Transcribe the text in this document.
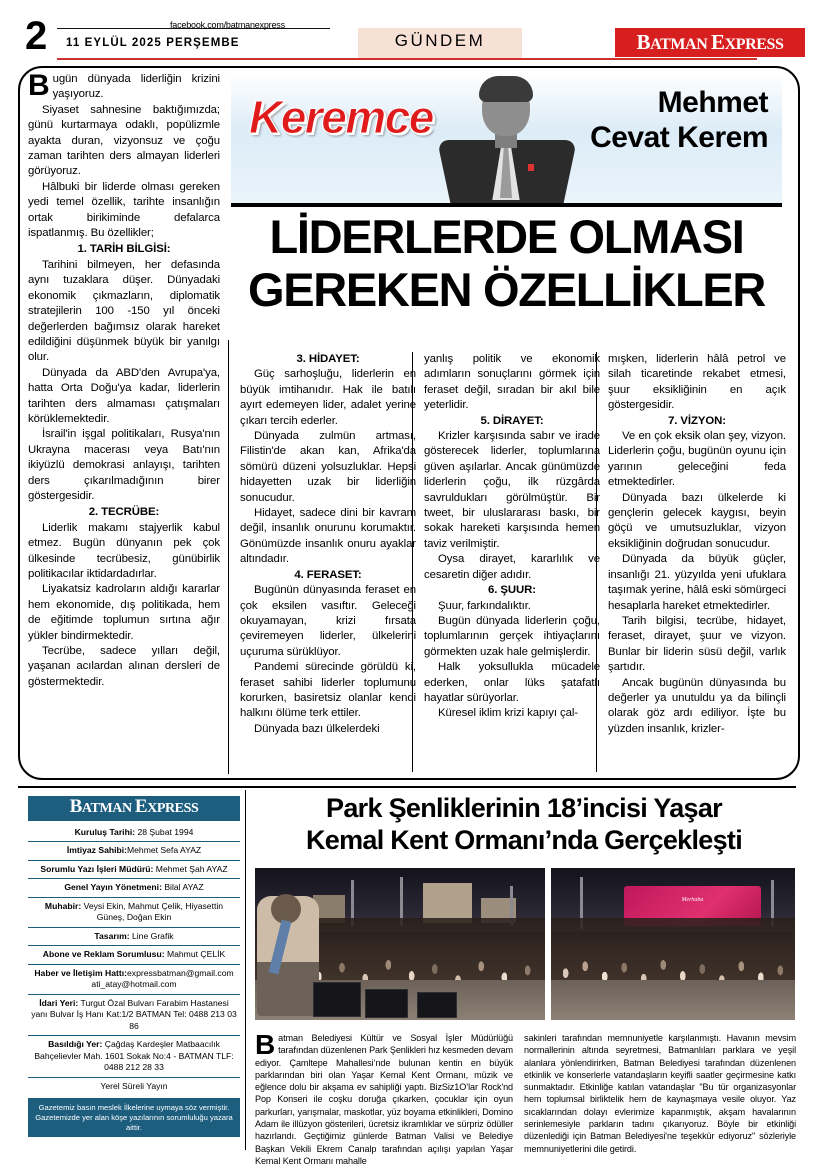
2	facebook.com/batmanexpress
11 EYLÜL 2025 PERŞEMBE	GÜNDEM	BATMAN EXPRESS
Keremce	Mehmet
Cevat Kerem
LİDERLERDE OLMASI
GEREKEN ÖZELLİKLER

Bugün dünyada liderliğin krizini yaşıyoruz.

Siyaset sahnesine baktığımızda; günü kurtarmaya odaklı, popülizmle ayakta duran, vizyonsuz ve çoğu zaman tarihten ders almayan liderleri görüyoruz.

Hâlbuki bir liderde olması gereken yedi temel özellik, tarihte insanlığın ortak birikiminde defalarca ispatlanmış. Bu özellikler;

1. TARİH BİLGİSİ:

Tarihini bilmeyen, her defasında aynı tuzaklara düşer. Dünyadaki ekonomik çıkmazların, diplomatik stratejilerin 100 -150 yıl önceki değerlerden bağımsız olarak hareket edildiğini düşünmek büyük bir yanılgı olur.

Dünyada da ABD'den Avrupa'ya, hatta Orta Doğu'ya kadar, liderlerin tarihten ders almaması çatışmaları körüklemektedir.

İsrail'in işgal politikaları, Rusya'nın Ukrayna macerası veya Batı'nın ikiyüzlü demokrasi anlayışı, tarihten ders çıkarılmadığının birer göstergesidir.

2. TECRÜBE:

Liderlik makamı stajyerlik kabul etmez. Bugün dünyanın pek çok ülkesinde tecrübesiz, günübirlik politikacılar iktidardadırlar.

Liyakatsiz kadroların aldığı kararlar hem ekonomide, dış politikada, hem de eğitimde toplumun sırtına ağır yükler bindirmektedir.

Tecrübe, sadece yılları değil, yaşanan acılardan alınan dersleri de göstermektedir.

3. HİDAYET:

Güç sarhoşluğu, liderlerin en büyük imtihanıdır. Hak ile batılı ayırt edemeyen lider, adalet yerine çıkarı tercih ederler.

Dünyada zulmün artması, Filistin'de akan kan, Afrika'da sömürü düzeni yolsuzluklar. Hepsi hidayetten uzak bir liderliğin sonucudur.

Hidayet, sadece dini bir kavram değil, insanlık onurunu korumaktır. Gönümüzde insanlık onuru ayaklar altındadır.

4. FERASET:

Bugünün dünyasında feraset en çok eksilen vasıftır. Geleceği okuyamayan, krizi fırsata çeviremeyen liderler, ülkelerini uçuruma sürüklüyor.

Pandemi sürecinde görüldü ki, feraset sahibi liderler toplumunu korurken, basiretsiz olanlar kendi halkını ölüme terk ettiler.

Dünyada bazı ülkelerdeki

yanlış politik ve ekonomik adımların sonuçlarını görmek için feraset değil, sıradan bir akıl bile yeterlidir.

5. DİRAYET:

Krizler karşısında sabır ve irade gösterecek liderler, toplumlarına güven aşılarlar. Ancak günümüzde liderlerin çoğu, ilk rüzgârda savruldukları görülmüştür. Bir tweet, bir uluslararası baskı, bir sokak hareketi karşısında hemen taviz verilmiştir.

Oysa dirayet, kararlılık ve cesaretin diğer adıdır.

6. ŞUUR:

Şuur, farkındalıktır.

Bugün dünyada liderlerin çoğu, toplumlarının gerçek ihtiyaçlarını görmekten uzak hale gelmişlerdir.

Halk yoksullukla mücadele ederken, onlar lüks şatafatlı hayatlar sürüyorlar.

Küresel iklim krizi kapıyı çal-

mışken, liderlerin hâlâ petrol ve silah ticaretinde rekabet etmesi, şuur eksikliğinin en açık göstergesidir.

7. VİZYON:

Ve en çok eksik olan şey, vizyon. Liderlerin çoğu, bugünün oyunu için yarının geleceğini feda etmektedirler.

Dünyada bazı ülkelerde ki gençlerin gelecek kaygısı, beyin göçü ve umutsuzluklar, vizyon eksikliğinin doğrudan sonucudur.

Dünyada da büyük güçler, insanlığı 21. yüzyılda yeni ufuklara taşımak yerine, hâlâ eski sömürgeci hesaplarla hareket etmektedirler.

Tarih bilgisi, tecrübe, hidayet, feraset, dirayet, şuur ve vizyon. Bunlar bir liderin süsü değil, varlık şartıdır.

Ancak bugünün dünyasında bu değerler ya unutuldu ya da bilinçli olarak göz ardı ediliyor. İşte bu yüzden insanlık, krizler-

BATMAN EXPRESS
Kuruluş Tarihi: 28 Şubat 1994
İmtiyaz Sahibi:Mehmet Sefa AYAZ
Sorumlu Yazı İşleri Müdürü: Mehmet Şah AYAZ
Genel Yayın Yönetmeni: Bilal AYAZ
Muhabir: Veysi Ekin, Mahmut Çelik, Hiyasettin Güneş, Doğan Ekin
Tasarım: Line Grafik
Abone ve Reklam Sorumlusu: Mahmut ÇELİK
Haber ve İletişim Hattı:expressbatman@gmail.com ati_atay@hotmail.com
İdari Yeri: Turgut Özal Bulvarı Farabim Hastanesi yanı Bulvar İş Hanı Kat:1/2 BATMAN Tel: 0488 213 03 86
Basıldığı Yer: Çağdaş Kardeşler Matbaacılık Bahçelievler Mah. 1601 Sokak No:4 - BATMAN TLF: 0488 212 28 33
Yerel Süreli Yayın
Gazetemiz basın meslek İlkelerine uymaya söz vermiştir. Gazetemizde yer alan köşe yazılarının sorumluluğu yazara aittir.
Park Şenliklerinin 18’incisi Yaşar
Kemal Kent Ormanı’nda Gerçekleşti
Merhaba
Batman Belediyesi Kültür ve Sosyal İşler Müdürlüğü tarafından düzenlenen Park Şenlikleri hız kesmeden devam ediyor. Çamltepe Mahallesi’nde bulunan kentin en büyük parklarından biri olan Yaşar Kemal Kent Ormanı, müzik ve eğlence dolu bir akşama ev sahipliği yaptı. BizSiz1O’lar Rock'nd Pop Konseri ile coşku doruğa çıkarken, çocuklar için oyun parkurları, yarışmalar, maskotlar, yüz boyama etkinlikleri, Domino Adam ile illüzyon gösterileri, ücretsiz ikramlıklar ve sürpriz ödüller hazırlandı. Geçtiğimiz günlerde Batman Valisi ve Belediye Başkan Vekili Ekrem Canalp tarafından açılışı yapılan Yaşar Kemal Kent Ormanı mahalle
sakinleri tarafından memnuniyetle karşılanmıştı. Havanın mevsim normallerinin altında seyretmesi, Batmanlıları parklara ve yeşil alanlara yönlendirirken, Batman Belediyesi tarafından düzenlenen etkinlik ve konserlerle vatandaşların keyifli saatler geçirmesine katkı sunmaktadır. Etkinliğe katılan vatandaşlar "Bu tür organizasyonlar hem toplumsal birliktelik hem de kaynaşmaya vesile oluyor. Yaz sıcaklarından dolayı evlerimize kapanmıştık, akşam havalarının serinlemesiyle parkların tadını çıkarıyoruz. Böyle bir etkinliği düzenlediği için Batman Belediyesi'ne teşekkür ediyoruz" sözleriyle memnuniyetlerini dile getirdi.
